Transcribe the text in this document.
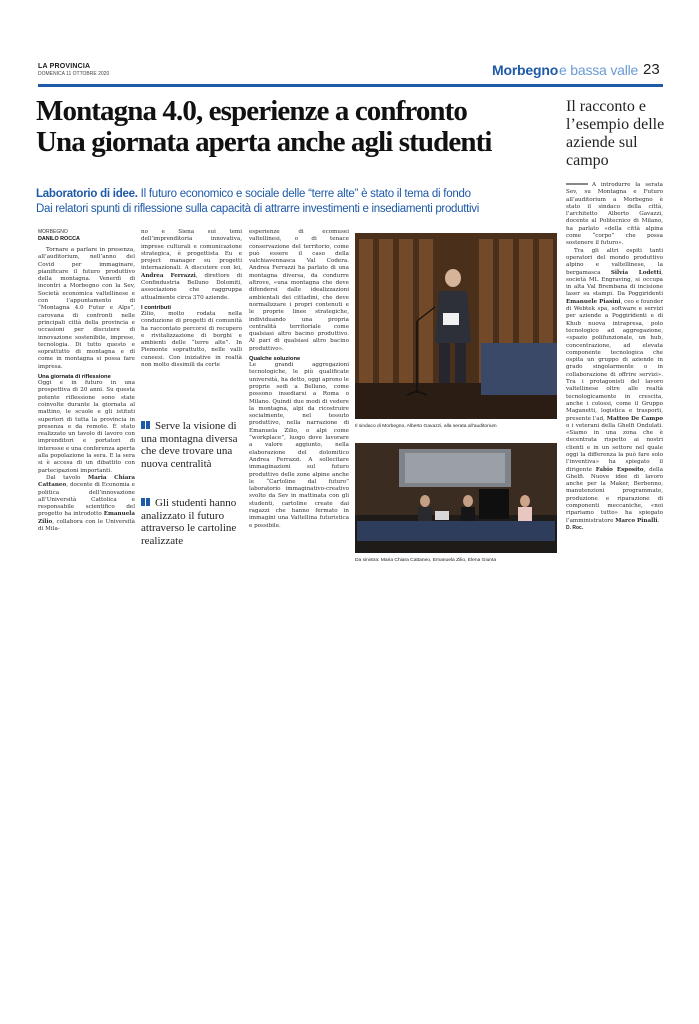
LA PROVINCIA
DOMENICA 11 OTTOBRE 2020	Morbegno e bassa valle 23
Montagna 4.0, esperienze a confronto
Una giornata aperta anche agli studenti
Il racconto e l’esempio delle aziende sul campo
Laboratorio di idee. Il futuro economico e sociale delle “terre alte” è stato il tema di fondo
Dai relatori spunti di riflessione sulla capacità di attrarre investimenti e insediamenti produttivi
MORBEGNO
DANILO ROCCA

Tornare a parlare in presenza, all’auditorium, nell’anno del Covid per immaginare, pianificare il futuro produttivo della montagna. Venerdì di incontri a Morbegno con la Sev, Società economica valtellinese e con l’appuntamento di “Montagna 4.0 Futur e Alps”, carovana di confronti nelle principali città della provincia e occasioni per discutere di innovazione sostenibile, imprese, tecnologia. Di tutto questo e soprattutto di montagna e di come in montagna si possa fare impresa.

Una giornata di riflessione

Oggi e in futuro in una prospettiva di 20 anni. Su questa potente riflessione sono state coinvolte durante la giornata al mattino, le scuole e gli istituti superiori di tutta la provincia in presenza e da remoto. È stato realizzato un tavolo di lavoro con imprenditori e portatori di interesse e una conferenza aperta alla popolazione la sera. E la sera si è accesa di un dibattito con partecipazioni importanti.

Dal tavolo Maria Chiara Cattaneo, docente di Economia e politica dell’innovazione all’Università Cattolica e responsabile scientifico del progetto ha introdotto Emanuela Zilio, collabora con le Università di Mila-

no e Siena sui temi dell’imprenditoria innovativa, imprese culturali e comunicazione strategica, è progettista Eu e project manager su progetti internazionali. A discutere con lei, Andrea Ferrazzi, direttore di Confindustria Belluno Dolomiti, associazione che raggruppa attualmente circa 370 aziende.

I contributi

Zilio, molto rodata nella conduzione di progetti di comunità ha raccontato percorsi di recupero e rivitalizzazione di borghi e ambienti delle “terre alte”. In Piemonte soprattutto, nelle valli cuneesi. Con iniziative in realtà non molto dissimili da certe

Serve la visione di una montagna diversa che deve trovare una nuova centralità
Gli studenti hanno analizzato il futuro attraverso le cartoline realizzate

esperienze di ecomusei valtellinesi, o di tenace conservazione del territorio, come può essere il caso della valchiavennasca Val Codera. Andrea Ferrazzi ha parlato di una montagna diversa, da condurre altrove, «una montagna che deve difendersi dalle idealizzazioni ambientali dei cittadini, che deve normalizzare i propri contenuti e le proprie linee strategiche, individuando una propria centralità territoriale come qualsiasi altro bacino produttivo. Al pari di qualsiasi altro bacino produttivo».

Qualche soluzione

Le grandi aggregazioni tecnologiche, le più qualificate università, ha detto, oggi aprono le proprie sedi a Belluno, come possono insediarsi a Roma o Milano. Quindi due modi di vedere la montagna, alpi da ricostruire socialmente, nel tessuto produttivo, nella narrazione di Emanuela Zilio, o alpi come “workplace”, luogo dove lavorare a valore aggiunto, nella elaborazione del dolomitico Andrea Ferrazzi. A sollecitare immaginazioni sul futuro produttivo delle zone alpine anche le “Cartoline dal futuro” laboratorio immaginativo-creativo svolto da Sev in mattinata con gli studenti, cartoline create dai ragazzi che hanno fermato in immagini una Valtellina futuristica e possibile.

Il sindaco di Morbegno, Alberto Gavazzi, alla serata all’auditorium
Da sinistra: Maria Chiara Cattaneo, Emanuela Zilio, Elena Giunta

A introdurre la serata Sev, su Montagna e Futuro all’auditorium a Morbegno è stato il sindaco della città, l’architetto Alberto Gavazzi, docente al Politecnico di Milano, ha parlato «della città alpina come “corpo” che possa sostenere il futuro».

Tra gli altri ospiti tanti operatori del mondo produttivo alpino e valtellinese, la bergamasca Silvia Lodetti, società ML Engraving, si occupa in alta Val Brembana di incisione laser su stampi. Da Poggiridenti Emanuele Piasini, ceo e founder di Webtek spa, software e servizi per aziende a Poggiridenti e di Khub nuova intrapresa, polo tecnologico ad aggregazione, «spazio polifunzionale, un hub, concentrazione, ad elevata componente tecnologica che ospita un gruppo di aziende in grado singolarmente o in collaborazione di offrire servizi». Tra i protagonisti del lavoro valtellinese oltre alle realtà tecnologicamente in crescita, anche i colossi, come il Gruppo Maganetti, logistica e trasporti, presente l’ad, Matteo De Campo o i veterani della Ghelfi Ondulati. «Siamo in una zona che è decentrata rispetto ai nostri clienti e in un settore nel quale oggi la differenza la può fare solo l’inventiva» ha spiegato il dirigente Fabio Esposito, della Ghelfi. Nuove idee di lavoro anche per la Maker, Berbenno, manutenzioni programmate, produzione e riparazione di componenti meccaniche, «noi ripariamo tutto» ha spiegato l’amministratore Marco Pinalli.

D. Roc.
